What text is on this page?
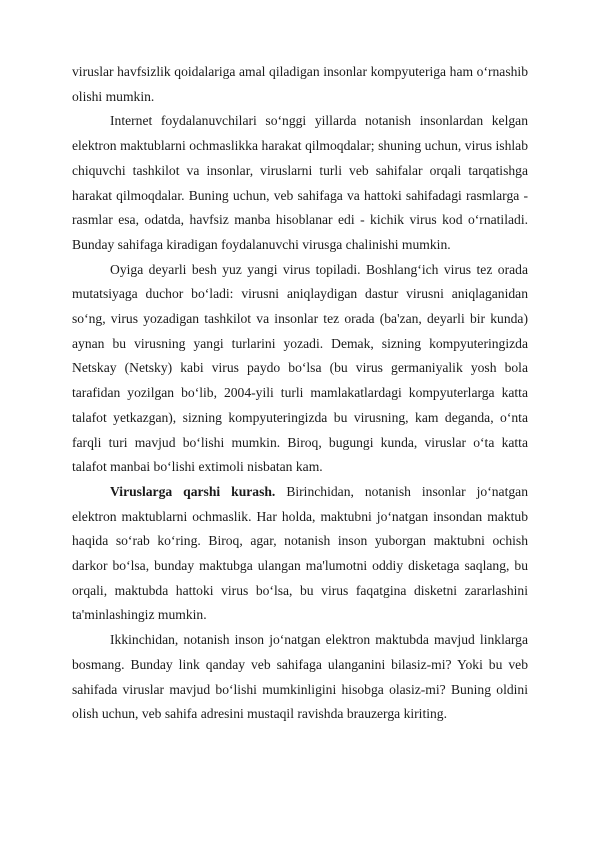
viruslar havfsizlik qoidalariga amal qiladigan insonlar kompyuteriga ham oʻrnashib olishi mumkin.

Internet foydalanuvchilari soʻnggi yillarda notanish insonlardan kelgan elektron maktublarni ochmaslikka harakat qilmoqdalar; shuning uchun, virus ishlab chiquvchi tashkilot va insonlar, viruslarni turli veb sahifalar orqali tarqatishga harakat qilmoqdalar. Buning uchun, veb sahifaga va hattoki sahifadagi rasmlarga - rasmlar esa, odatda, havfsiz manba hisoblanar edi - kichik virus kod oʻrnatiladi. Bunday sahifaga kiradigan foydalanuvchi virusga chalinishi mumkin.

Oyiga deyarli besh yuz yangi virus topiladi. Boshlangʻich virus tez orada mutatsiyaga duchor boʻladi: virusni aniqlaydigan dastur virusni aniqlaganidan soʻng, virus yozadigan tashkilot va insonlar tez orada (ba'zan, deyarli bir kunda) aynan bu virusning yangi turlarini yozadi. Demak, sizning kompyuteringizda Netskay (Netsky) kabi virus paydo boʻlsa (bu virus germaniyalik yosh bola tarafidan yozilgan boʻlib, 2004-yili turli mamlakatlardagi kompyuterlarga katta talafot yetkazgan), sizning kompyuteringizda bu virusning, kam deganda, oʻnta farqli turi mavjud boʻlishi mumkin. Biroq, bugungi kunda, viruslar oʻta katta talafot manbai boʻlishi extimoli nisbatan kam.

Viruslarga qarshi kurash. Birinchidan, notanish insonlar joʻnatgan elektron maktublarni ochmaslik. Har holda, maktubni joʻnatgan insondan maktub haqida soʻrab koʻring. Biroq, agar, notanish inson yuborgan maktubni ochish darkor boʻlsa, bunday maktubga ulangan ma'lumotni oddiy disketaga saqlang, bu orqali, maktubda hattoki virus boʻlsa, bu virus faqatgina disketni zararlashini ta'minlashingiz mumkin.

Ikkinchidan, notanish inson joʻnatgan elektron maktubda mavjud linklarga bosmang. Bunday link qanday veb sahifaga ulanganini bilasiz-mi? Yoki bu veb sahifada viruslar mavjud boʻlishi mumkinligini hisobga olasiz-mi? Buning oldini olish uchun, veb sahifa adresini mustaqil ravishda brauzerga kiriting.
